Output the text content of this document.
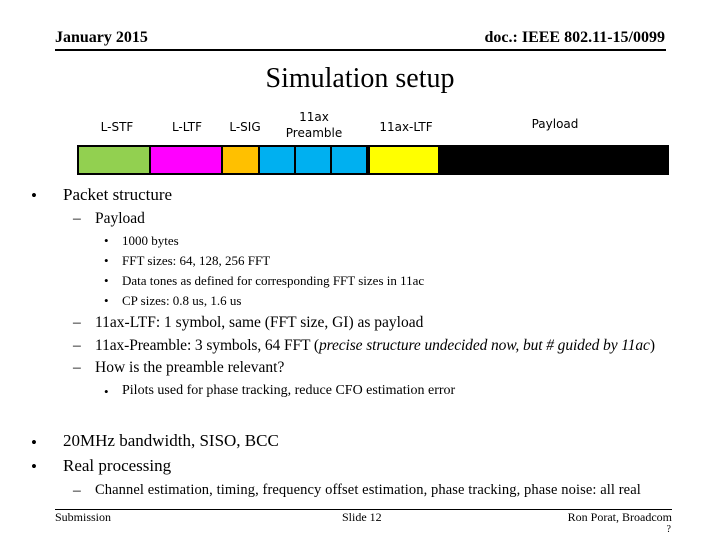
January 2015	doc.: IEEE 802.11-15/0099
Simulation setup
L-STF	L-LTF	L-SIG
11ax
Preamble	11ax-LTF	Payload
• Packet structure
– Payload
• 1000 bytes
• FFT sizes: 64, 128, 256 FFT
• Data tones as defined for corresponding FFT sizes in 11ac
• CP sizes: 0.8 us, 1.6 us
– 11ax-LTF: 1 symbol, same (FFT size, GI) as payload
– 11ax-Preamble: 3 symbols, 64 FFT (precise structure undecided now, but # guided by 11ac)
– How is the preamble relevant?
• Pilots used for phase tracking, reduce CFO estimation error
• 20MHz bandwidth, SISO, BCC
• Real processing
– Channel estimation, timing, frequency offset estimation, phase tracking, phase noise: all real
Submission	Slide 12	Ron Porat, Broadcom
?
